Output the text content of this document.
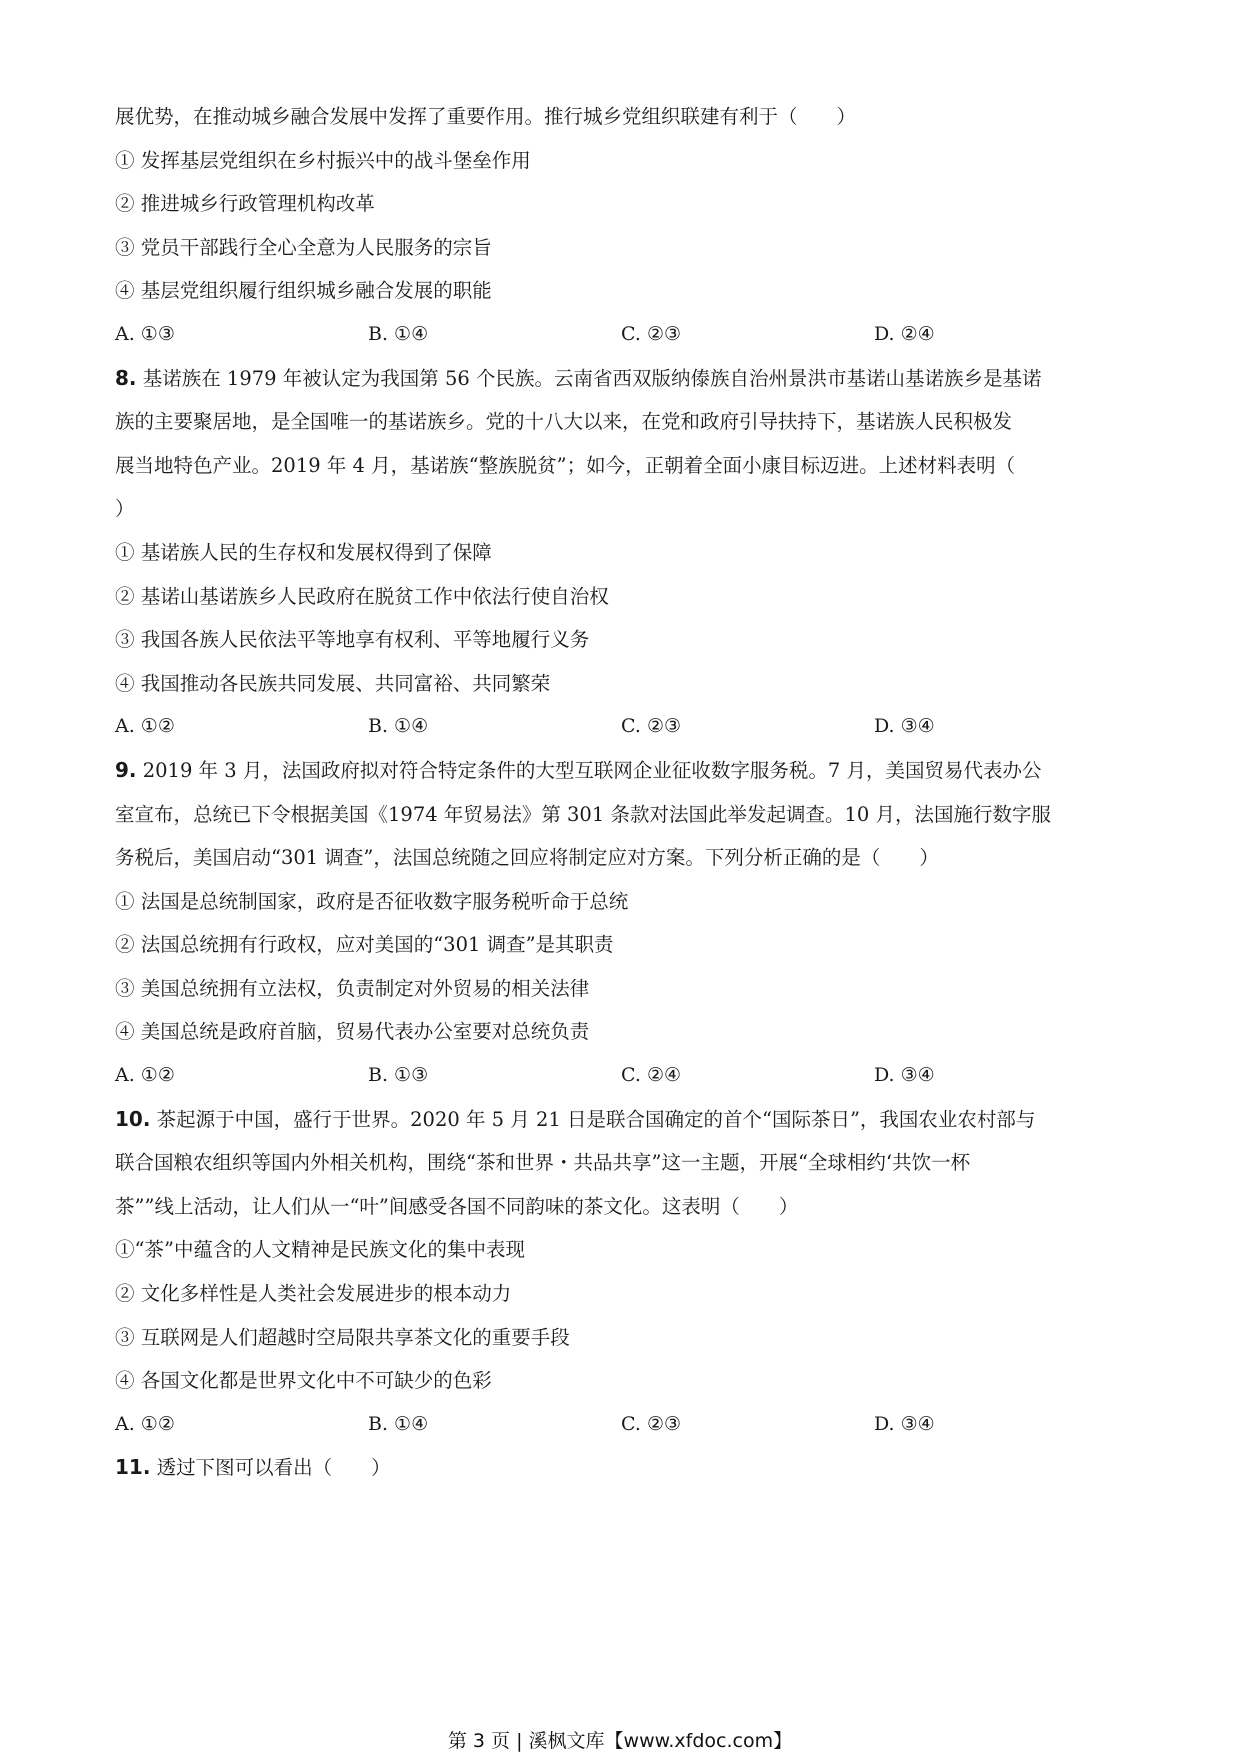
展优势，在推动城乡融合发展中发挥了重要作用。推行城乡党组织联建有利于（　　）
① 发挥基层党组织在乡村振兴中的战斗堡垒作用
② 推进城乡行政管理机构改革
③ 党员干部践行全心全意为人民服务的宗旨
④ 基层党组织履行组织城乡融合发展的职能
A. ①③	B. ①④	C. ②③	D. ②④
8. 基诺族在 1979 年被认定为我国第 56 个民族。云南省西双版纳傣族自治州景洪市基诺山基诺族乡是基诺
族的主要聚居地，是全国唯一的基诺族乡。党的十八大以来，在党和政府引导扶持下，基诺族人民积极发
展当地特色产业。2019 年 4 月，基诺族“整族脱贫”；如今，正朝着全面小康目标迈进。上述材料表明（
）
① 基诺族人民的生存权和发展权得到了保障
② 基诺山基诺族乡人民政府在脱贫工作中依法行使自治权
③ 我国各族人民依法平等地享有权利、平等地履行义务
④ 我国推动各民族共同发展、共同富裕、共同繁荣
A. ①②	B. ①④	C. ②③	D. ③④
9. 2019 年 3 月，法国政府拟对符合特定条件的大型互联网企业征收数字服务税。7 月，美国贸易代表办公
室宣布，总统已下令根据美国《1974 年贸易法》第 301 条款对法国此举发起调查。10 月，法国施行数字服
务税后，美国启动“301 调查”，法国总统随之回应将制定应对方案。下列分析正确的是（　　）
① 法国是总统制国家，政府是否征收数字服务税听命于总统
② 法国总统拥有行政权，应对美国的“301 调查”是其职责
③ 美国总统拥有立法权，负责制定对外贸易的相关法律
④ 美国总统是政府首脑，贸易代表办公室要对总统负责
A. ①②	B. ①③	C. ②④	D. ③④
10. 茶起源于中国，盛行于世界。2020 年 5 月 21 日是联合国确定的首个“国际茶日”，我国农业农村部与
联合国粮农组织等国内外相关机构，围绕“茶和世界・共品共享”这一主题，开展“全球相约‘共饮一杯
茶””线上活动，让人们从一“叶”间感受各国不同韵味的茶文化。这表明（　　）
①“茶”中蕴含的人文精神是民族文化的集中表现
② 文化多样性是人类社会发展进步的根本动力
③ 互联网是人们超越时空局限共享茶文化的重要手段
④ 各国文化都是世界文化中不可缺少的色彩
A. ①②	B. ①④	C. ②③	D. ③④
11. 透过下图可以看出（　　）
第 3 页 | 溪枫文库【www.xfdoc.com】
